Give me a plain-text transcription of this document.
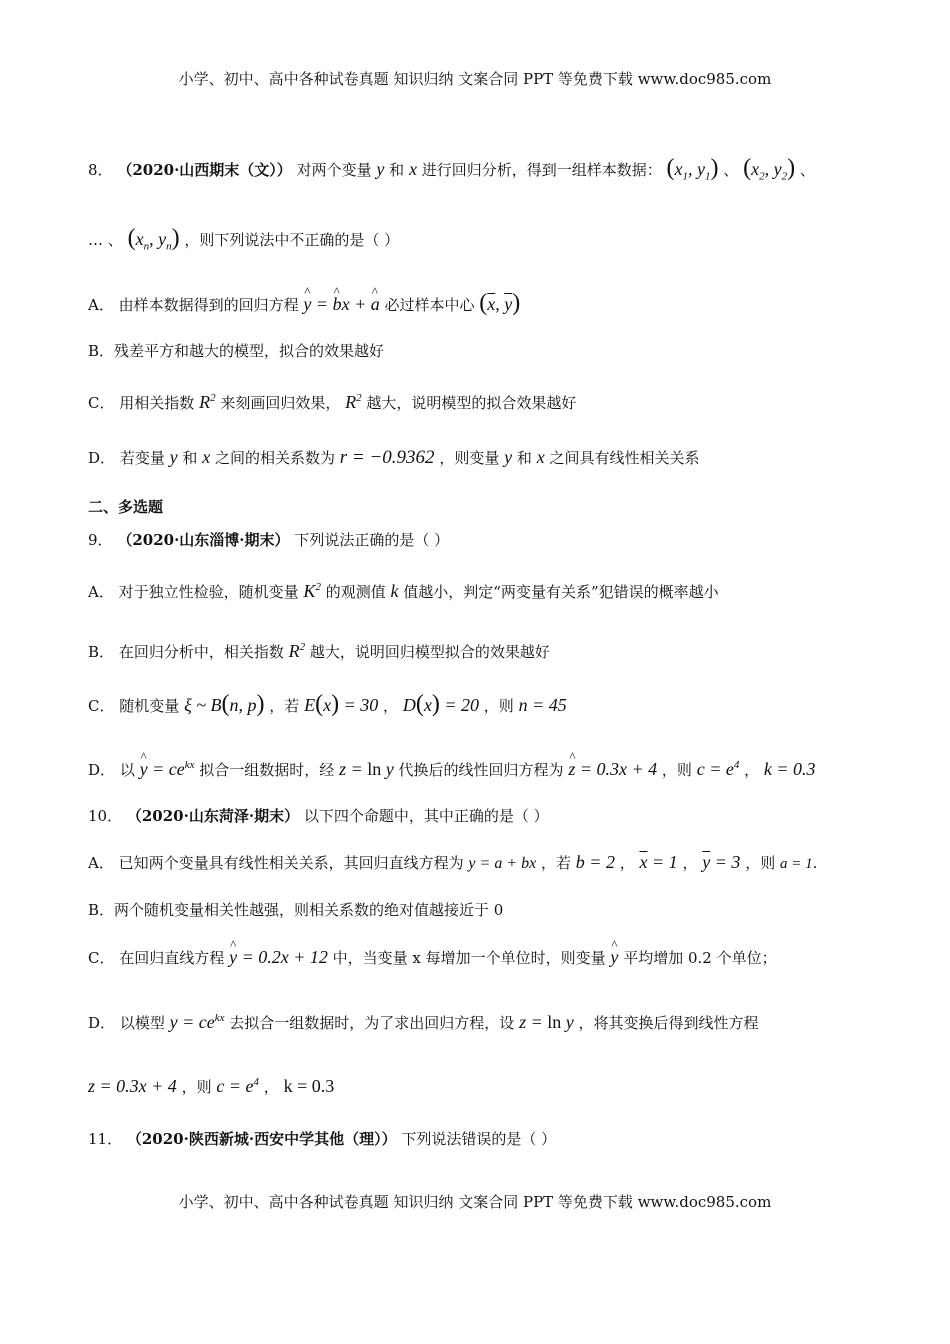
小学、初中、高中各种试卷真题 知识归纳 文案合同 PPT 等免费下载 www.doc985.com
8． （2020·山西期末（文）） 对两个变量 y 和 x 进行回归分析，得到一组样本数据： ($x_1$, $y_1$) 、 ($x_2$, $y_2$) 、
… 、 ($x_n$, $y_n$) ，则下列说法中不正确的是（ ）
A． 由样本数据得到的回归方程 ^ y = ^ bx + ^ a 必过样本中心 ($\overline{x}$, $\overline{y}$)
B．残差平方和越大的模型，拟合的效果越好
C． 用相关指数 $R^2$ 来刻画回归效果， $R^2$ 越大，说明模型的拟合效果越好
D． 若变量 y 和 x 之间的相关系数为 r = −0.9362 ，则变量 y 和 x 之间具有线性相关关系
二、多选题
9． （2020·山东淄博·期末） 下列说法正确的是（ ）
A． 对于独立性检验，随机变量 $K^2$ 的观测值 k 值越小，判定“两变量有关系”犯错误的概率越小
B． 在回归分析中，相关指数 $R^2$ 越大，说明回归模型拟合的效果越好
C． 随机变量 ξ ~ B(n, p) ，若 E(x) = 30 ， D(x) = 20 ，则 n = 45
D． 以 ^ $y = ce^{kx}$ 拟合一组数据时，经 z = ln y 代换后的线性回归方程为 ^ z = 0.3x + 4 ，则 $c = e^4$ ， k = 0.3
10． （2020·山东菏泽·期末） 以下四个命题中，其中正确的是（ ）
A． 已知两个变量具有线性相关关系，其回归直线方程为 y = a + bx ，若 b = 2 ， $\overline{x} = 1$ ， $\overline{y} = 3$ ，则 a = 1.
B．两个随机变量相关性越强，则相关系数的绝对值越接近于 0
C． 在回归直线方程 ^ y = 0.2x + 12 中，当变量 x 每增加一个单位时，则变量 ^ y 平均增加 0.2 个单位；
D． 以模型 $y = ce^{kx}$ 去拟合一组数据时，为了求出回归方程，设 z = ln y ，将其变换后得到线性方程
z = 0.3x + 4 ，则 $c = e^4$ ， k = 0.3
11． （2020·陕西新城·西安中学其他（理）） 下列说法错误的是（ ）
小学、初中、高中各种试卷真题 知识归纳 文案合同 PPT 等免费下载 www.doc985.com
